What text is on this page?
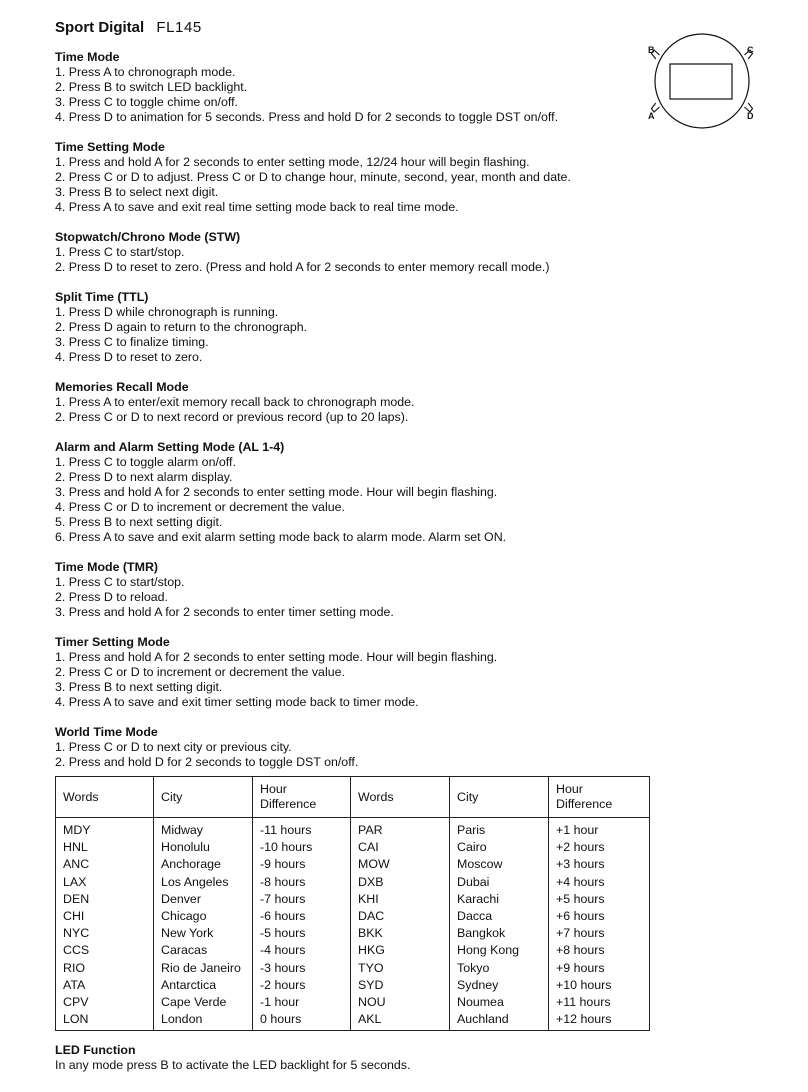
Sport Digital FL145
B	C
A	D
Time Mode
1. Press A to chronograph mode.
2. Press B to switch LED backlight.
3. Press C to toggle chime on/off.
4. Press D to animation for 5 seconds. Press and hold D for 2 seconds to toggle DST on/off.
Time Setting Mode
1. Press and hold A for 2 seconds to enter setting mode, 12/24 hour will begin flashing.
2. Press C or D to adjust. Press C or D to change hour, minute, second, year, month and date.
3. Press B to select next digit.
4. Press A to save and exit real time setting mode back to real time mode.
Stopwatch/Chrono Mode (STW)
1. Press C to start/stop.
2. Press D to reset to zero. (Press and hold A for 2 seconds to enter memory recall mode.)
Split Time (TTL)
1. Press D while chronograph is running.
2. Press D again to return to the chronograph.
3. Press C to finalize timing.
4. Press D to reset to zero.
Memories Recall Mode
1. Press A to enter/exit memory recall back to chronograph mode.
2. Press C or D to next record or previous record (up to 20 laps).
Alarm and Alarm Setting Mode (AL 1-4)
1. Press C to toggle alarm on/off.
2. Press D to next alarm display.
3. Press and hold A for 2 seconds to enter setting mode. Hour will begin flashing.
4. Press C or D to increment or decrement the value.
5. Press B to next setting digit.
6. Press A to save and exit alarm setting mode back to alarm mode. Alarm set ON.
Time Mode (TMR)
1. Press C to start/stop.
2. Press D to reload.
3. Press and hold A for 2 seconds to enter timer setting mode.
Timer Setting Mode
1. Press and hold A for 2 seconds to enter setting mode. Hour will begin flashing.
2. Press C or D to increment or decrement the value.
3. Press B to next setting digit.
4. Press A to save and exit timer setting mode back to timer mode.
World Time Mode
1. Press C or D to next city or previous city.
2. Press and hold D for 2 seconds to toggle DST on/off.
Words	City	Hour Difference	Words	City	Hour Difference
MDY	Midway	-11 hours	PAR	Paris	+1 hour
HNL	Honolulu	-10 hours	CAI	Cairo	+2 hours
ANC	Anchorage	-9 hours	MOW	Moscow	+3 hours
LAX	Los Angeles	-8 hours	DXB	Dubai	+4 hours
DEN	Denver	-7 hours	KHI	Karachi	+5 hours
CHI	Chicago	-6 hours	DAC	Dacca	+6 hours
NYC	New York	-5 hours	BKK	Bangkok	+7 hours
CCS	Caracas	-4 hours	HKG	Hong Kong	+8 hours
RIO	Rio de Janeiro	-3 hours	TYO	Tokyo	+9 hours
ATA	Antarctica	-2 hours	SYD	Sydney	+10 hours
CPV	Cape Verde	-1 hour	NOU	Noumea	+11 hours
LON	London	0 hours	AKL	Auchland	+12 hours
LED Function

In any mode press B to activate the LED backlight for 5 seconds.
